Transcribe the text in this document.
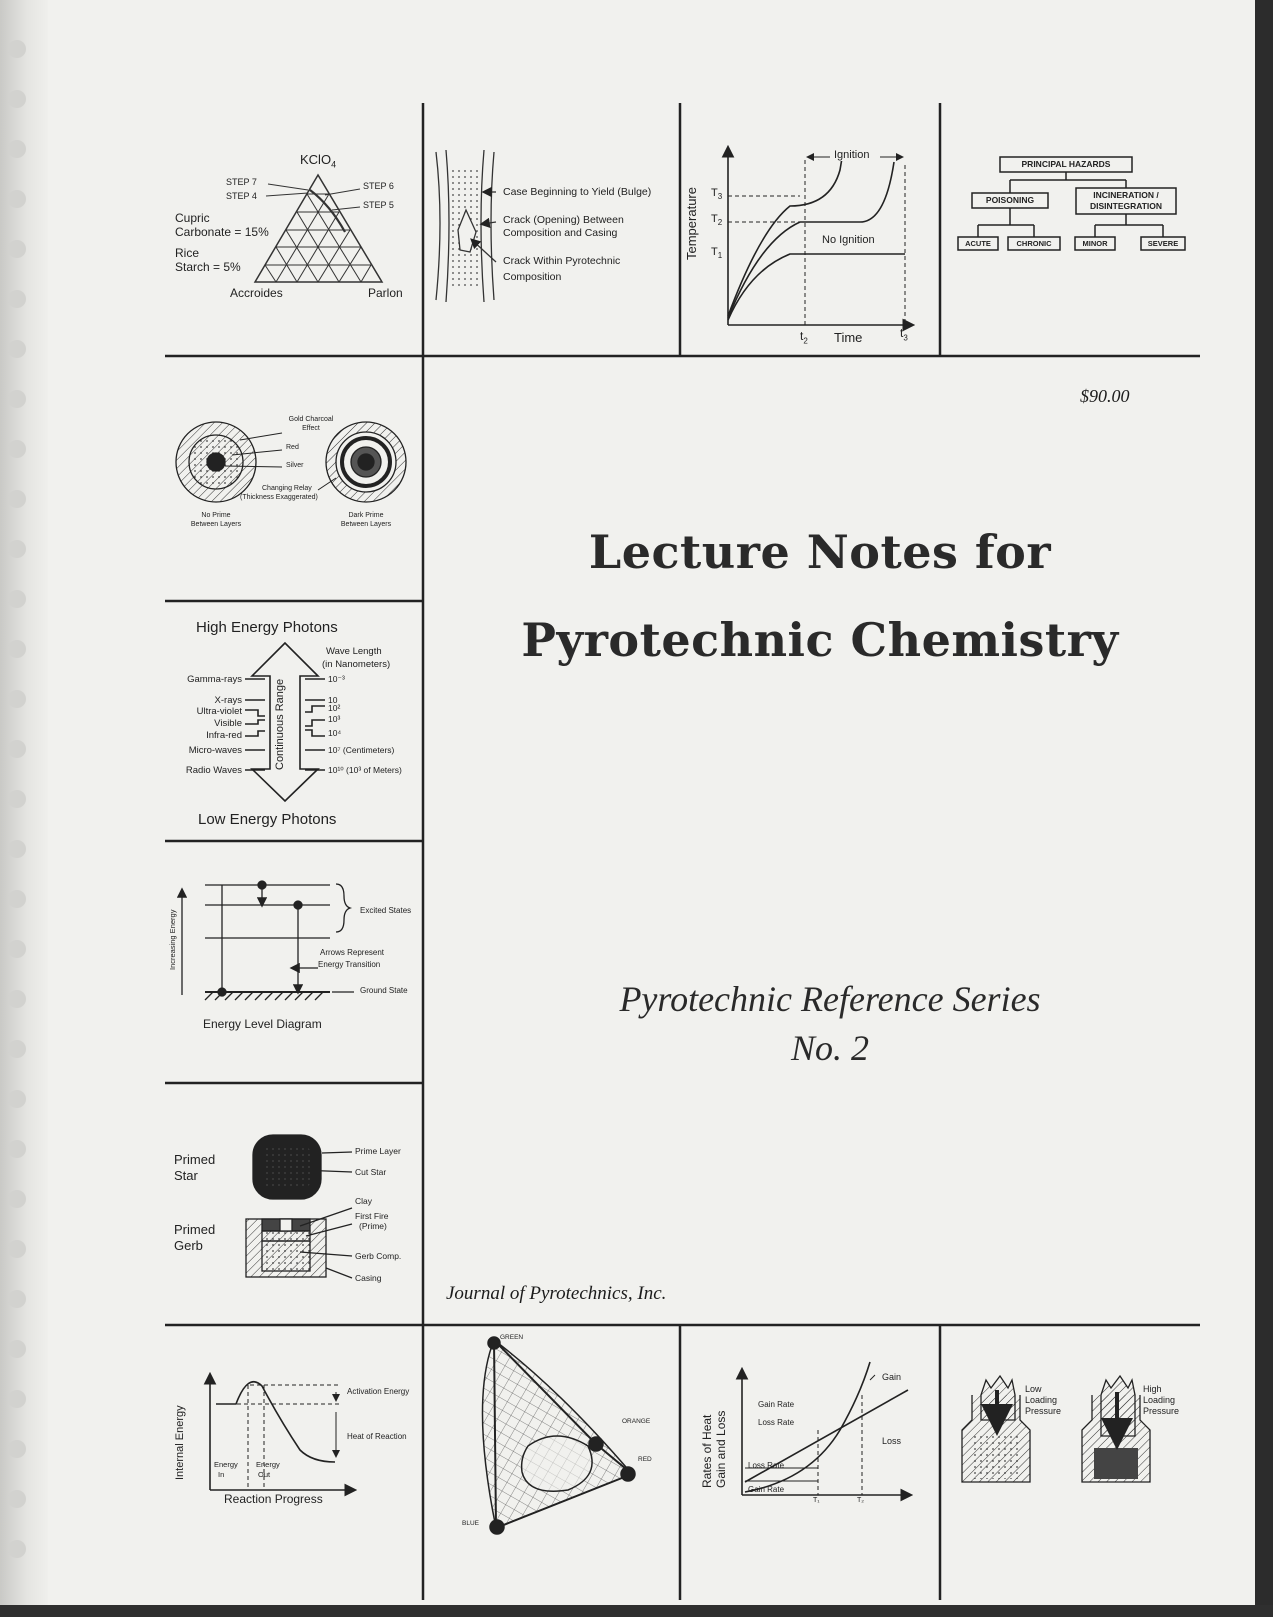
KClO$_4$
STEP 7
STEP 4
STEP 6
STEP 5
Cupric
Carbonate = 15%
Rice
Starch = 5%
Accroides	Parlon
Case Beginning to Yield (Bulge)
Crack (Opening) Between
Composition and Casing
Crack Within Pyrotechnic
Composition
Temperature
Time
Ignition
No Ignition
$T_3$
$T_2$
$T_1$
$t_2$
$t_3$
PRINCIPAL HAZARDS
POISONING	INCINERATION /
DISINTEGRATION
ACUTE	CHRONIC	MINOR	SEVERE
$90.00
Gold Charcoal
Effect
Red
Silver
Changing Relay
(Thickness Exaggerated)
No Prime
Between Layers
Dark Prime
Between Layers
Lecture Notes for
Pyrotechnic Chemistry
High Energy Photons
Low Energy Photons
Wave Length
(in Nanometers)
Continuous Range
Gamma-rays
X-rays
Ultra-violet
Visible
Infra-red
Micro-waves
Radio Waves
10⁻³
10
10²
10³
10⁴
10⁷ (Centimeters)
10¹⁰ (10³ of Meters)
Increasing Energy	Excited States
Arrows Represent
Energy Transition
Ground State
Energy Level Diagram
Pyrotechnic Reference Series
No. 2
Primed
Star
Primed
Gerb
Prime Layer
Cut Star
Clay
First Fire
(Prime)
Gerb Comp.
Casing
Journal of Pyrotechnics, Inc.
Internal Energy
Reaction Progress
Activation Energy
Heat of Reaction
Energy
In
Energy
Out
GREEN
ORANGE
RED
BLUE
Rates of Heat
Gain and Loss
Gain
Loss
Gain Rate
Loss Rate
Loss Rate
Gain Rate
T₁	T₂
Low
Loading
Pressure
High
Loading
Pressure
